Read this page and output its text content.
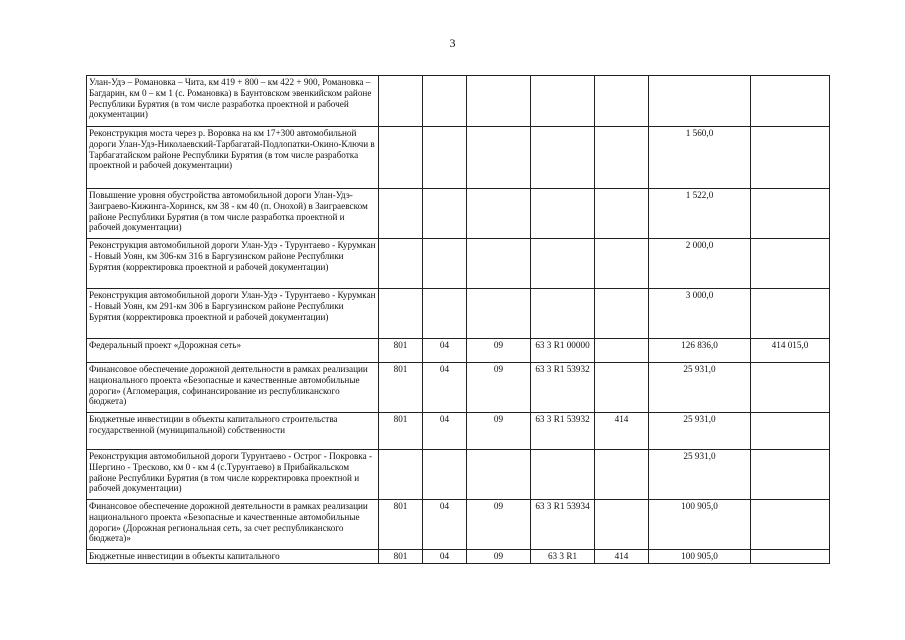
3
Улан-Удэ – Романовка – Чита, км 419 + 800 – км 422 + 900, Романовка – Багдарин, км 0 – км 1 (с. Романовка) в Баунтовском эвенкийском районе Республики Бурятия (в том числе разработка проектной и рабочей документации)							
Реконструкция моста через р. Воровка на км 17+300 автомобильной дороги Улан-Удэ-Николаевский-Тарбагатай-Подлопатки-Окино-Ключи в Тарбагатайском районе Республики Бурятия (в том числе разработка проектной и рабочей документации)						1 560,0	
Повышение уровня обустройства автомобильной дороги Улан-Удэ-Заиграево-Кижинга-Хоринск, км 38 - км 40 (п. Онохой) в Заиграевском районе Республики Бурятия (в том числе разработка проектной и рабочей документации)						1 522,0	
Реконструкция автомобильной дороги Улан-Удэ - Турунтаево - Курумкан - Новый Уоян, км 306-км 316 в Баргузинском районе Республики Бурятия (корректировка проектной и рабочей документации)						2 000,0	
Реконструкция автомобильной дороги Улан-Удэ - Турунтаево - Курумкан - Новый Уоян, км 291-км 306 в Баргузинском районе Республики Бурятия (корректировка проектной и рабочей документации)						3 000,0	
Федеральный проект «Дорожная сеть»	801	04	09	63 3 R1 00000		126 836,0	414 015,0
Финансовое обеспечение дорожной деятельности в рамках реализации национального проекта «Безопасные и качественные автомобильные дороги» (Агломерация, софинансирование из республиканского бюджета)	801	04	09	63 3 R1 53932		25 931,0	
Бюджетные инвестиции в объекты капитального строительства государственной (муниципальной) собственности	801	04	09	63 3 R1 53932	414	25 931,0	
Реконструкция автомобильной дороги Турунтаево - Острог - Покровка - Шергино - Тресково, км 0 - км 4 (с.Турунтаево) в Прибайкальском районе Республики Бурятия (в том числе корректировка проектной и рабочей документации)						25 931,0	
Финансовое обеспечение дорожной деятельности в рамках реализации национального проекта «Безопасные и качественные автомобильные дороги» (Дорожная региональная сеть, за счет республиканского бюджета)»	801	04	09	63 3 R1 53934		100 905,0	
Бюджетные инвестиции в объекты капитального	801	04	09	63 3 R1	414	100 905,0	
